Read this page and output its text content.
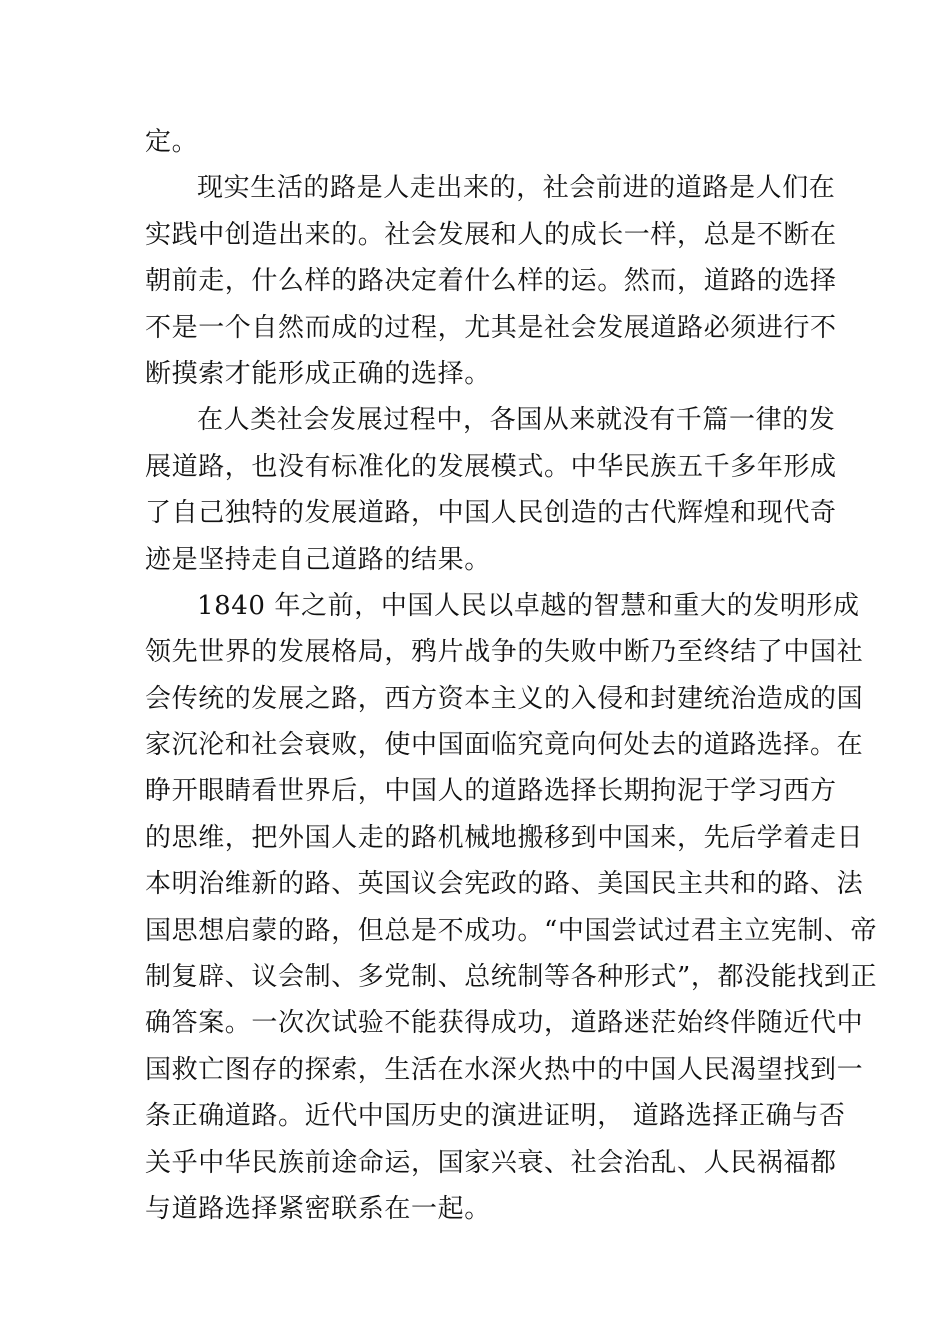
定。
现实生活的路是人走出来的，社会前进的道路是人们在
实践中创造出来的。社会发展和人的成长一样，总是不断在
朝前走，什么样的路决定着什么样的运。然而，道路的选择
不是一个自然而成的过程，尤其是社会发展道路必须进行不
断摸索才能形成正确的选择。
在人类社会发展过程中，各国从来就没有千篇一律的发
展道路，也没有标准化的发展模式。中华民族五千多年形成
了自己独特的发展道路，中国人民创造的古代辉煌和现代奇
迹是坚持走自己道路的结果。
1840 年之前，中国人民以卓越的智慧和重大的发明形成
领先世界的发展格局，鸦片战争的失败中断乃至终结了中国社
会传统的发展之路，西方资本主义的入侵和封建统治造成的国
家沉沦和社会衰败，使中国面临究竟向何处去的道路选择。在
睁开眼睛看世界后，中国人的道路选择长期拘泥于学习西方
的思维，把外国人走的路机械地搬移到中国来，先后学着走日
本明治维新的路、英国议会宪政的路、美国民主共和的路、法
国思想启蒙的路，但总是不成功。“中国尝试过君主立宪制、帝
制复辟、议会制、多党制、总统制等各种形式”，都没能找到正
确答案。一次次试验不能获得成功，道路迷茫始终伴随近代中
国救亡图存的探索，生活在水深火热中的中国人民渴望找到一
条正确道路。近代中国历史的演进证明， 道路选择正确与否
关乎中华民族前途命运，国家兴衰、社会治乱、人民祸福都
与道路选择紧密联系在一起。
